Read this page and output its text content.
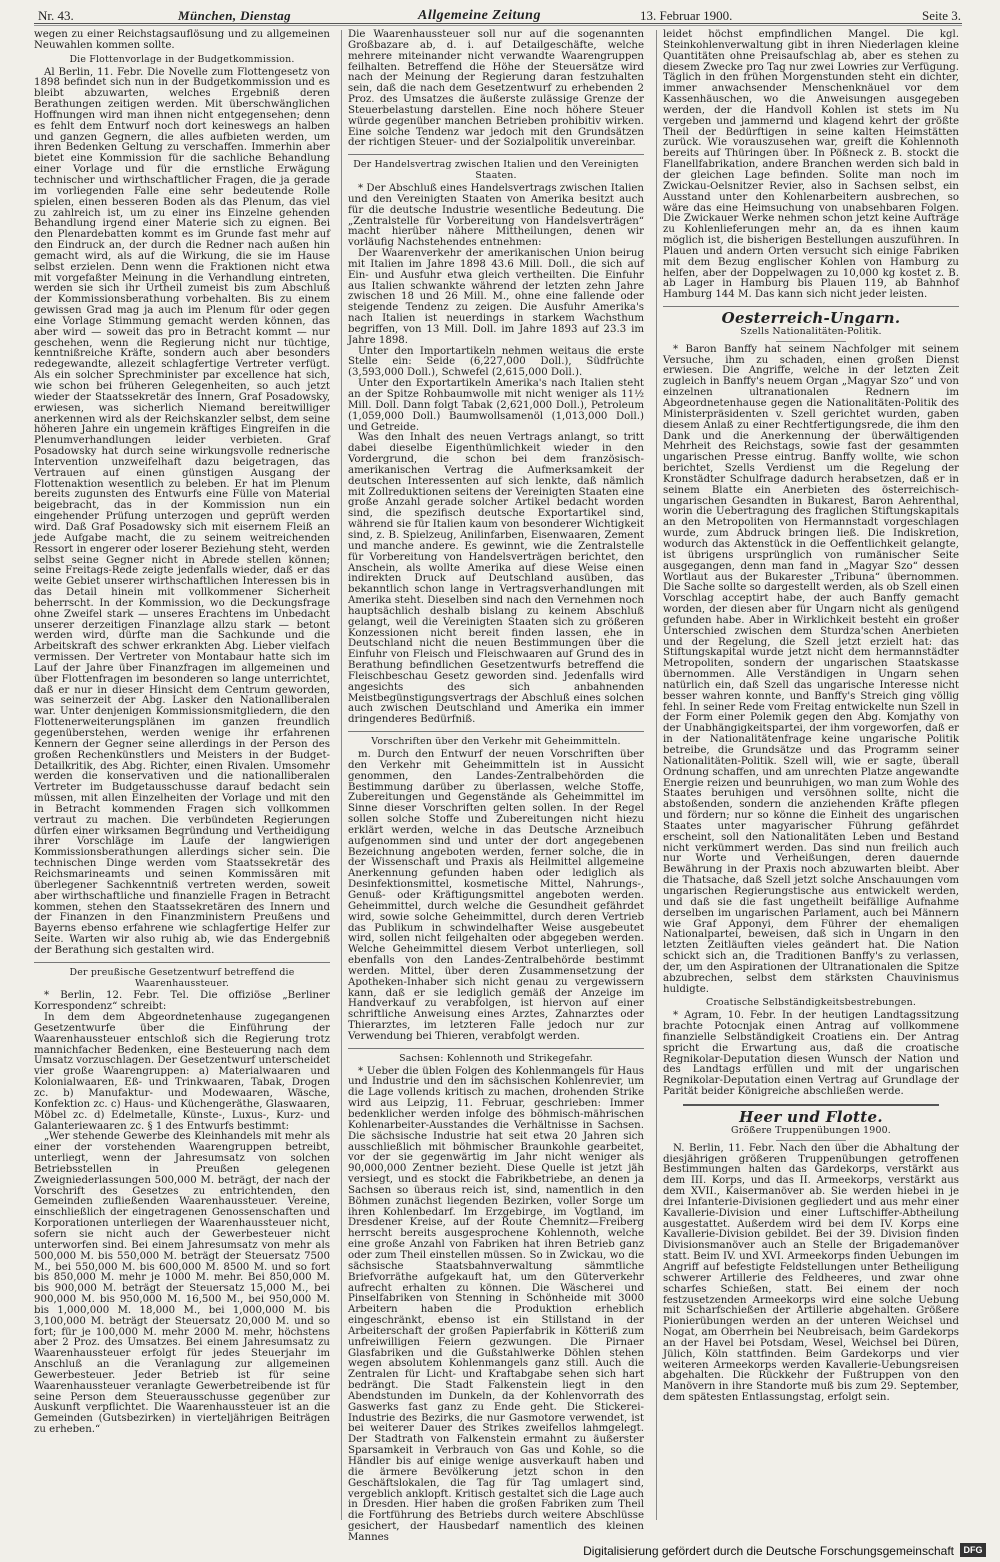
Nr. 43.	München, Dienstag	Allgemeine Zeitung	13. Februar 1900.	Seite 3.

wegen zu einer Reichstagsauflösung und zu allgemeinen Neuwahlen kommen sollte.

Die Flottenvorlage in der Budgetkommission.

Al Berlin, 11. Febr. Die Novelle zum Flottengesetz von 1898 befindet sich nun in der Budgetkommission und es bleibt abzuwarten, welches Ergebniß deren Berathungen zeitigen werden. Mit überschwänglichen Hoffnungen wird man ihnen nicht entgegensehen; denn es fehlt dem Entwurf noch dort keineswegs an halben und ganzen Gegnern, die alles aufbieten werden, um ihren Bedenken Geltung zu verschaffen. Immerhin aber bietet eine Kommission für die sachliche Behandlung einer Vorlage und für die ernstliche Erwägung technischer und wirthschaftlicher Fragen, die ja gerade im vorliegenden Falle eine sehr bedeutende Rolle spielen, einen besseren Boden als das Plenum, das viel zu zahlreich ist, um zu einer ins Einzelne gehenden Behandlung irgend einer Materie sich zu eignen. Bei den Plenardebatten kommt es im Grunde fast mehr auf den Eindruck an, der durch die Redner nach außen hin gemacht wird, als auf die Wirkung, die sie im Hause selbst erzielen. Denn wenn die Fraktionen nicht etwa mit vorgefaßter Meinung in die Verhandlung eintreten, werden sie sich ihr Urtheil zumeist bis zum Abschluß der Kommissionsberathung vorbehalten. Bis zu einem gewissen Grad mag ja auch im Plenum für oder gegen eine Vorlage Stimmung gemacht werden können, das aber wird — soweit das pro in Betracht kommt — nur geschehen, wenn die Regierung nicht nur tüchtige, kenntnißreiche Kräfte, sondern auch aber besonders redegewandte, allezeit schlagfertige Vertreter verfügt. Als ein solcher Sprechminister par excellence hat sich, wie schon bei früheren Gelegenheiten, so auch jetzt wieder der Staatssekretär des Innern, Graf Posadowsky, erwiesen, was sicherlich Niemand bereitwilliger anerkennen wird als der Reichskanzler selbst, dem seine höheren Jahre ein ungemein kräftiges Eingreifen in die Plenumverhandlungen leider verbieten. Graf Posadowsky hat durch seine wirkungsvolle rednerische Intervention unzweifelhaft dazu beigetragen, das Vertrauen auf einen günstigen Ausgang der Flottenaktion wesentlich zu beleben. Er hat im Plenum bereits zugunsten des Entwurfs eine Fülle von Material beigebracht, das in der Kommission nun ein eingehender Prüfung unterzogen und geprüft werden wird. Daß Graf Posadowsky sich mit eisernem Fleiß an jede Aufgabe macht, die zu seinem weitreichenden Ressort in engerer oder loserer Beziehung steht, werden selbst seine Gegner nicht in Abrede stellen können; seine Freitags-Rede zeigte jedenfalls wieder, daß er das weite Gebiet unserer wirthschaftlichen Interessen bis in das Detail hinein mit vollkommener Sicherheit beherrscht. In der Kommission, wo die Deckungsfrage ohne Zweifel stark — unseres Erachtens im Unbedacht unserer derzeitigen Finanzlage allzu stark — betont werden wird, dürfte man die Sachkunde und die Arbeitskraft des schwer erkrankten Abg. Lieber vielfach vermissen. Der Vertreter von Montabaur hatte sich im Lauf der Jahre über Finanzfragen im allgemeinen und über Flottenfragen im besonderen so lange unterrichtet, daß er nur in dieser Hinsicht dem Centrum geworden, was seinerzeit der Abg. Lasker den Nationalliberalen war. Unter denjenigen Kommissionsmitgliedern, die den Flottenerweiterungsplänen im ganzen freundlich gegenüberstehen, werden wenige ihr erfahrenen Kennern der Gegner seine allerdings in der Person des großen Rechenkünstlers und Meisters in der Budget-Detailkritik, des Abg. Richter, einen Rivalen. Umsomehr werden die konservativen und die nationalliberalen Vertreter im Budgetausschusse darauf bedacht sein müssen, mit allen Einzelheiten der Vorlage und mit den in Betracht kommenden Fragen sich vollkommen vertraut zu machen. Die verbündeten Regierungen dürfen einer wirksamen Begründung und Vertheidigung ihrer Vorschläge im Laufe der langwierigen Kommissionsberathungen allerdings sicher sein. Die technischen Dinge werden vom Staatssekretär des Reichsmarineamts und seinen Kommissären mit überlegener Sachkenntniß vertreten werden, soweit aber wirthschaftliche und finanzielle Fragen in Betracht kommen, stehen den Staatssekretären des Innern und der Finanzen in den Finanzministern Preußens und Bayerns ebenso erfahrene wie schlagfertige Helfer zur Seite. Warten wir also ruhig ab, wie das Endergebniß der Berathung sich gestalten wird.

Der preußische Gesetzentwurf betreffend die Waarenhaussteuer.

* Berlin, 12. Febr. Tel. Die offiziöse „Berliner Korrespondenz“ schreibt:

In dem dem Abgeordnetenhause zugegangenen Gesetzentwurfe über die Einführung der Waarenhaussteuer entschloß sich die Regierung trotz mannichfacher Bedenken, eine Besteuerung nach dem Umsatz vorzuschlagen. Der Gesetzentwurf unterscheidet vier große Waarengruppen: a) Materialwaaren und Kolonialwaaren, Eß- und Trinkwaaren, Tabak, Drogen zc. b) Manufaktur- und Modewaaren, Wäsche, Konfektion zc. c) Haus- und Küchengeräthe, Glaswaaren, Möbel zc. d) Edelmetalle, Künste-, Luxus-, Kurz- und Galanteriewaaren zc. § 1 des Entwurfs bestimmt:

„Wer stehende Gewerbe des Kleinhandels mit mehr als einer der vorstehenden Waarengruppen betreibt, unterliegt, wenn der Jahresumsatz von solchen Betriebsstellen in Preußen gelegenen Zweigniederlassungen 500,000 M. beträgt, der nach der Vorschrift des Gesetzes zu entrichtenden, den Gemeinden zufließenden Waarenhaussteuer. Vereine, einschließlich der eingetragenen Genossenschaften und Korporationen unterliegen der Waarenhaussteuer nicht, sofern sie nicht auch der Gewerbesteuer nicht unterworfen sind. Bei einem Jahresumsatz von mehr als 500,000 M. bis 550,000 M. beträgt der Steuersatz 7500 M., bei 550,000 M. bis 600,000 M. 8500 M. und so fort bis 850,000 M. mehr je 1000 M. mehr. Bei 850,000 M. bis 900,000 M. beträgt der Steuersatz 15,000 M., bei 900,000 M. bis 950,000 M. 16,500 M., bei 950,000 M. bis 1,000,000 M. 18,000 M., bei 1,000,000 M. bis 3,100,000 M. beträgt der Steuersatz 20,000 M. und so fort; für je 100,000 M. mehr 2000 M. mehr, höchstens aber 2 Proz. des Umsatzes. Bei einem Jahresumsatz zu Waarenhaussteuer erfolgt für jedes Steuerjahr im Anschluß an die Veranlagung zur allgemeinen Gewerbesteuer. Jeder Betrieb ist für seine Waarenhaussteuer veranlagte Gewerbetreibende ist für seine Person dem Steuerausschusse gegenüber zur Auskunft verpflichtet. Die Waarenhaussteuer ist an die Gemeinden (Gutsbezirken) in vierteljährigen Beiträgen zu erheben.“

Die Waarenhaussteuer soll nur auf die sogenannten Großbazare ab, d. i. auf Detailgeschäfte, welche mehrere miteinander nicht verwandte Waarengruppen feilhalten. Betreffend die Höhe der Steuersätze wird nach der Meinung der Regierung daran festzuhalten sein, daß die nach dem Gesetzentwurf zu erhebenden 2 Proz. des Umsatzes die äußerste zulässige Grenze der Steuerbelastung darstellen. Eine noch höhere Steuer würde gegenüber manchen Betrieben prohibitiv wirken. Eine solche Tendenz war jedoch mit den Grundsätzen der richtigen Steuer- und der Sozialpolitik unvereinbar.

Der Handelsvertrag zwischen Italien und den Vereinigten Staaten.

* Der Abschluß eines Handelsvertrags zwischen Italien und den Vereinigten Staaten von Amerika besitzt auch für die deutsche Industrie wesentliche Bedeutung. Die „Zentralstelle für Vorbereitung von Handelsverträgen“ macht hierüber nähere Mittheilungen, denen wir vorläufig Nachstehendes entnehmen:

Der Waarenverkehr der amerikanischen Union beirug mit Italien im Jahre 1898 43.6 Mill. Doll., die sich auf Ein- und Ausfuhr etwa gleich vertheilten. Die Einfuhr aus Italien schwankte während der letzten zehn Jahre zwischen 18 und 26 Mill. M., ohne eine fallende oder steigende Tendenz zu zeigen. Die Ausfuhr Amerika's nach Italien ist neuerdings in starkem Wachsthum begriffen, von 13 Mill. Doll. im Jahre 1893 auf 23.3 im Jahre 1898.

Unter den Importartikeln nehmen weitaus die erste Stelle ein: Seide (6,227,000 Doll.), Südfrüchte (3,593,000 Doll.), Schwefel (2,615,000 Doll.).

Unter den Exportartikeln Amerika's nach Italien steht an der Spitze Rohbaumwolle mit nicht weniger als 11½ Mill. Doll. Dann folgt Tabak (2,621,000 Doll.), Petroleum (1,059,000 Doll.) Baumwollsamenöl (1,013,000 Doll.) und Getreide.

Was den Inhalt des neuen Vertrags anlangt, so tritt dabei dieselbe Eigenthümlichkeit wieder in den Vordergrund, die schon bei dem französisch-amerikanischen Vertrag die Aufmerksamkeit der deutschen Interessenten auf sich lenkte, daß nämlich mit Zollreduktionen seitens der Vereinigten Staaten eine große Anzahl gerade solcher Artikel bedacht worden sind, die spezifisch deutsche Exportartikel sind, während sie für Italien kaum von besonderer Wichtigkeit sind, z. B. Spielzeug, Anilinfarben, Eisenwaaren, Zement und manche andere. Es gewinnt, wie die Zentralstelle für Vorbereitung von Handelsverträgen berichtet, den Anschein, als wollte Amerika auf diese Weise einen indirekten Druck auf Deutschland ausüben, das bekanntlich schon lange in Vertragsverhandlungen mit Amerika steht. Dieselben sind nach den Vernehmen noch hauptsächlich deshalb bislang zu keinem Abschluß gelangt, weil die Vereinigten Staaten sich zu größeren Konzessionen nicht bereit finden lassen, ehe in Deutschland nicht die neuen Bestimmungen über die Einfuhr von Fleisch und Fleischwaaren auf Grund des in Berathung befindlichen Gesetzentwurfs betreffend die Fleischbeschau Gesetz geworden sind. Jedenfalls wird angesichts des sich anbahnenden Meistbegünstigungsvertrags der Abschluß eines solchen auch zwischen Deutschland und Amerika ein immer dringenderes Bedürfniß.

Vorschriften über den Verkehr mit Geheimmitteln.

m. Durch den Entwurf der neuen Vorschriften über den Verkehr mit Geheimmitteln ist in Aussicht genommen, den Landes-Zentralbehörden die Bestimmung darüber zu überlassen, welche Stoffe, Zubereitungen und Gegenstände als Geheimmittel im Sinne dieser Vorschriften gelten sollen. In der Regel sollen solche Stoffe und Zubereitungen nicht hiezu erklärt werden, welche in das Deutsche Arzneibuch aufgenommen sind und unter der dort angegebenen Bezeichnung angeboten werden, ferner solche, die in der Wissenschaft und Praxis als Heilmittel allgemeine Anerkennung gefunden haben oder lediglich als Desinfektionsmittel, kosmetische Mittel, Nahrungs-, Genuß- oder Kräftigungsmittel angeboten werden. Geheimmittel, durch welche die Gesundheit gefährdet wird, sowie solche Geheimmittel, durch deren Vertrieb das Publikum in schwindelhafter Weise ausgebeutet wird, sollen nicht feilgehalten oder abgegeben werden. Welche Geheimmittel diesem Verbot unterliegen, soll ebenfalls von den Landes-Zentralbehörde bestimmt werden. Mittel, über deren Zusammensetzung der Apotheken-Inhaber sich nicht genau zu vergewissern kann, daß er sie lediglich gemäß der Anzeige im Handverkauf zu verabfolgen, ist hiervon auf einer schriftliche Anweisung eines Arztes, Zahnarztes oder Thierarztes, im letzteren Falle jedoch nur zur Verwendung bei Thieren, verabfolgt werden.

Sachsen: Kohlennoth und Strikegefahr.

* Ueber die üblen Folgen des Kohlenmangels für Haus und Industrie und den im sächsischen Kohlenrevier, um die Lage vollends kritisch zu machen, drohenden Strike wird aus Leipzig, 11. Februar, geschrieben: Immer bedenklicher werden infolge des böhmisch-mährischen Kohlenarbeiter-Ausstandes die Verhältnisse in Sachsen. Die sächsische Industrie hat seit etwa 20 Jahren sich ausschließlich mit böhmischer Braunkohle gearbeitet, vor der sie gegenwärtig im Jahr nicht weniger als 90,000,000 Zentner bezieht. Diese Quelle ist jetzt jäh versiegt, und es stockt die Fabrikbetriebe, an denen ja Sachsen so überaus reich ist, sind, namentlich in den Böhmen zunächst liegenden Bezirken, voller Sorge um ihren Kohlenbedarf. Im Erzgebirge, im Vogtland, im Dresdener Kreise, auf der Route Chemnitz—Freiberg herrscht bereits ausgesprochene Kohlennoth, welche eine große Anzahl von Fabriken hat ihren Betrieb ganz oder zum Theil einstellen müssen. So in Zwickau, wo die sächsische Staatsbahnverwaltung sämmtliche Briefvorräthe aufgekauft hat, um den Güterverkehr aufrecht erhalten zu können. Die Wäscherei und Pinselfabriken von Stenning in Schönheide mit 3000 Arbeitern haben die Produktion erheblich eingeschränkt, ebenso ist ein Stillstand in der Arbeiterschaft der großen Papierfabrik in Kötteriß zum unfreiwilligen Feiern gezwungen. Die Pirnaer Glasfabriken und die Gußstahlwerke Döhlen stehen wegen absolutem Kohlenmangels ganz still. Auch die Zentralen für Licht- und Kraftabgabe sehen sich hart bedrängt. Die Stadt Falkenstein liegt in den Abendstunden im Dunkeln, da der Kohlenvorrath des Gaswerks fast ganz zu Ende geht. Die Stickerei-Industrie des Bezirks, die nur Gasmotore verwendet, ist bei weiterer Dauer des Strikes zweifellos lahmgelegt. Der Stadtrath von Falkenstein ermahnt zu äußerster Sparsamkeit in Verbrauch von Gas und Kohle, so die Händler bis auf einige wenige ausverkauft haben und die ärmere Bevölkerung jetzt schon in den Geschäftslokalen, die Tag für Tag umlagert sind, vergeblich anklopft. Kritisch gestaltet sich die Lage auch in Dresden. Hier haben die großen Fabriken zum Theil die Fortführung des Betriebs durch weitere Abschlüsse gesichert, der Hausbedarf namentlich des kleinen Mannes

leidet höchst empfindlichen Mangel. Die kgl. Steinkohlenverwaltung gibt in ihren Niederlagen kleine Quantitäten ohne Preisaufschlag ab, aber es stehen zu diesem Zwecke pro Tag nur zwei Lowries zur Verfügung. Täglich in den frühen Morgenstunden steht ein dichter, immer anwachsender Menschenknäuel vor dem Kassenhäuschen, wo die Anweisungen ausgegeben werden, der die Handvoll Kohlen ist stets im Nu vergeben und jammernd und klagend kehrt der größte Theil der Bedürftigen in seine kalten Heimstätten zurück. Wie vorauszusehen war, greift die Kohlennoth bereits auf Thüringen über. In Pößneck z. B. stockt die Flanellfabrikation, andere Branchen werden sich bald in der gleichen Lage befinden. Solite man noch im Zwickau-Oelsnitzer Revier, also in Sachsen selbst, ein Ausstand unter den Kohlenarbeitern ausbrechen, so wäre das eine Heimsuchung von unabsehbaren Folgen. Die Zwickauer Werke nehmen schon jetzt keine Aufträge zu Kohlenlieferungen mehr an, da es ihnen kaum möglich ist, die bisherigen Bestellungen auszuführen. In Plauen und andern Orten versucht sich einige Fabriken mit dem Bezug englischer Kohlen von Hamburg zu helfen, aber der Doppelwagen zu 10,000 kg kostet z. B. ab Lager in Hamburg bis Plauen 119, ab Bahnhof Hamburg 144 M. Das kann sich nicht jeder leisten.

Oesterreich-Ungarn.
Szells Nationalitäten-Politik.

* Baron Banffy hat seinem Nachfolger mit seinem Versuche, ihm zu schaden, einen großen Dienst erwiesen. Die Angriffe, welche in der letzten Zeit zugleich in Banffy's neuem Organ „Magyar Szo“ und von einzelnen ultranationalen Rednern im Abgeordnetenhause gegen die Nationalitäten-Politik des Ministerpräsidenten v. Szell gerichtet wurden, gaben diesem Anlaß zu einer Rechtfertigungsrede, die ihm den Dank und die Anerkennung der überwältigenden Mehrheit des Reichstags, sowie fast der gesammten ungarischen Presse eintrug. Banffy wollte, wie schon berichtet, Szells Verdienst um die Regelung der Kronstädter Schulfrage dadurch herabsetzen, daß er in seinem Blatte ein Anerbieten des österreichisch-ungarischen Gesandten in Bukarest, Baron Aehrenthal, worin die Uebertragung des fraglichen Stiftungskapitals an den Metropoliten von Hermannstadt vorgeschlagen wurde, zum Abdruck bringen ließ. Die Indiskretion, wodurch das Aktenstück in die Oeffentlichkeit gelangte, ist übrigens ursprünglich von rumänischer Seite ausgegangen, denn man fand in „Magyar Szo“ dessen Wortlaut aus der Bukarester „Tribuna“ übernommen. Die Sache sollte so dargestellt werden, als ob Szell einen Vorschlag acceptirt habe, der auch Banffy gemacht worden, der diesen aber für Ungarn nicht als genügend gefunden habe. Aber in Wirklichkeit besteht ein großer Unterschied zwischen dem Sturdza'schen Anerbieten und der Regelung, die Szell jetzt erzielt hat: das Stiftungskapital wurde jetzt nicht dem hermannstädter Metropoliten, sondern der ungarischen Staatskasse übernommen. Alle Verständigen in Ungarn sehen natürlich ein, daß Szell das ungarische Interesse nicht besser wahren konnte, und Banffy's Streich ging völlig fehl. In seiner Rede vom Freitag entwickelte nun Szell in der Form einer Polemik gegen den Abg. Komjathy von der Unabhängigkeitspartei, der ihm vorgeworfen, daß er in der Nationalitätenfrage keine ungarische Politik betreibe, die Grundsätze und das Programm seiner Nationalitäten-Politik. Szell will, wie er sagte, überall Ordnung schaffen, und am unrechten Platze angewandte Energie reizen und beunruhigen, wo man zum Wohle des Staates beruhigen und versöhnen sollte, nicht die abstoßenden, sondern die anziehenden Kräfte pflegen und fördern; nur so könne die Einheit des ungarischen Staates unter magyarischer Führung gefährdet erscheint, soll den Nationalitäten Leben und Bestand nicht verkümmert werden. Das sind nun freilich auch nur Worte und Verheißungen, deren dauernde Bewährung in der Praxis noch abzuwarten bleibt. Aber die Thatsache, daß Szell jetzt solche Anschauungen vom ungarischen Regierungstische aus entwickelt werden, und daß sie die fast ungetheilt beifällige Aufnahme derselben im ungarischen Parlament, auch bei Männern wie Graf Apponyi, dem Führer der ehemaligen Nationalpartei, beweisen, daß sich in Ungarn in den letzten Zeitläuften vieles geändert hat. Die Nation schickt sich an, die Traditionen Banffy's zu verlassen, der, um den Aspirationen der Ultranationalen die Spitze abzubrechen, selbst dem stärksten Chauvinismus huldigte.

Croatische Selbständigkeitsbestrebungen.

* Agram, 10. Febr. In der heutigen Landtagssitzung brachte Potocnjak einen Antrag auf vollkommene finanzielle Selbständigkeit Croatiens ein. Der Antrag spricht die Erwartung aus, daß die croatische Regnikolar-Deputation diesen Wunsch der Nation und des Landtags erfüllen und mit der ungarischen Regnikolar-Deputation einen Vertrag auf Grundlage der Parität beider Königreiche abschließen werde.

Heer und Flotte.
Größere Truppenübungen 1900.

N. Berlin, 11. Febr. Nach den über die Abhaltung der diesjährigen größeren Truppenübungen getroffenen Bestimmungen halten das Gardekorps, verstärkt aus dem III. Korps, und das II. Armeekorps, verstärkt aus dem XVII., Kaisermanöver ab. Sie werden hiebei in je drei Infanterie-Divisionen gegliedert und aus mehr einer Kavallerie-Division und einer Luftschiffer-Abtheilung ausgestattet. Außerdem wird bei dem IV. Korps eine Kavallerie-Division gebildet. Bei der 39. Division finden Divisionsmanöver auch an Stelle der Brigademanöver statt. Beim IV. und XVI. Armeekorps finden Uebungen im Angriff auf befestigte Feldstellungen unter Betheiligung schwerer Artillerie des Feldheeres, und zwar ohne scharfes Schießen, statt. Bei einem der noch festzusetzenden Armeekorps wird eine solche Uebung mit Scharfschießen der Artillerie abgehalten. Größere Pionierübungen werden an der unteren Weichsel und Nogat, am Oberrhein bei Neubreisach, beim Gardekorps an der Havel bei Potsdam, Wesel, Weichsel bei Düren, Jülich, Köln stattfinden. Beim Gardekorps und vier weiteren Armeekorps werden Kavallerie-Uebungsreisen abgehalten. Die Rückkehr der Fußtruppen von den Manövern in ihre Standorte muß bis zum 29. September, dem spätesten Entlassungstag, erfolgt sein.

Digitalisierung gefördert durch die Deutsche Forschungsgemeinschaft	DFG
